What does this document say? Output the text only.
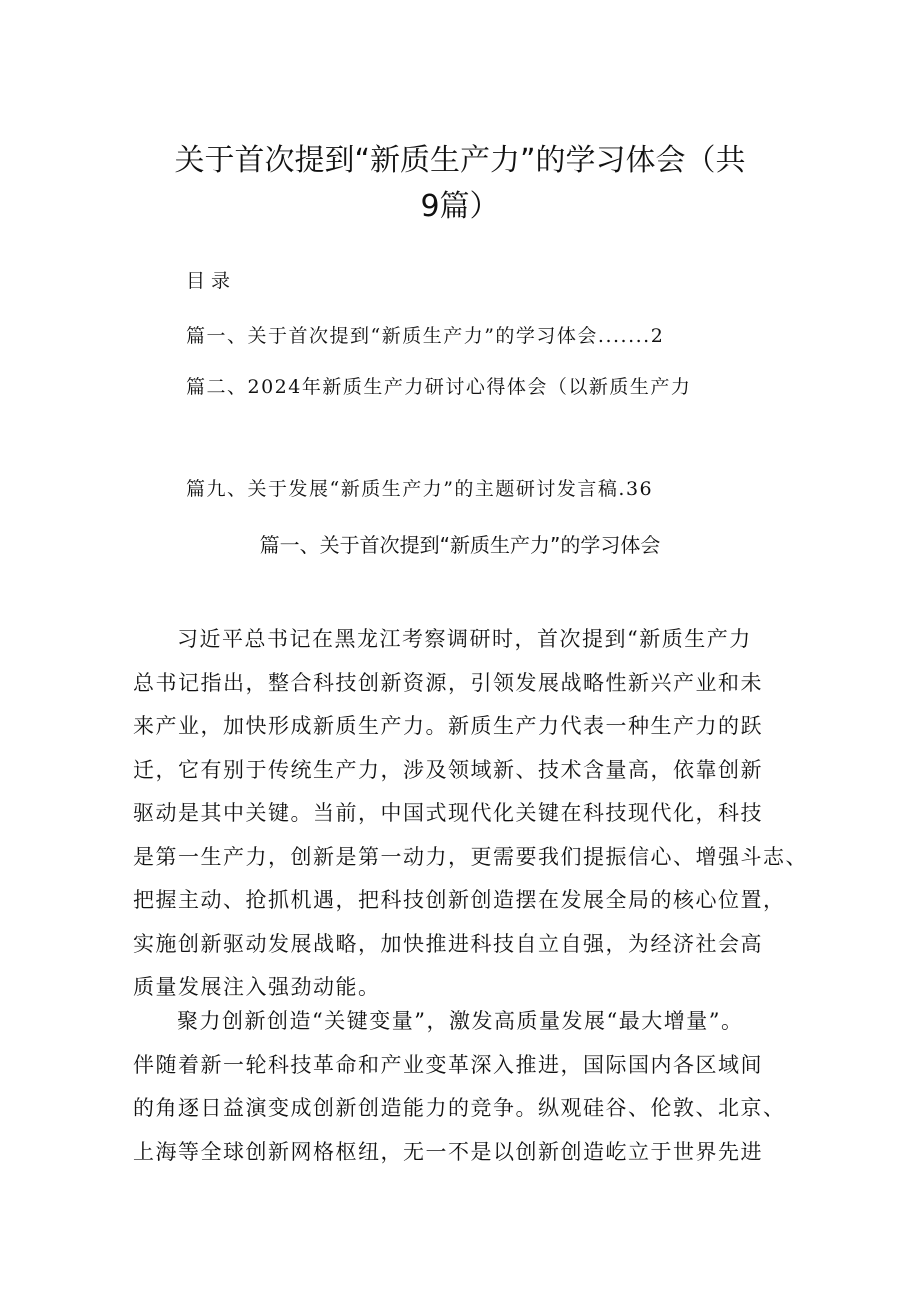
关于首次提到“新质生产力”的学习体会（共
9篇）
目录
篇一、关于首次提到“新质生产力”的学习体会.......2
篇二、2024年新质生产力研讨心得体会（以新质生产力
篇九、关于发展“新质生产力”的主题研讨发言稿.36
篇一、关于首次提到“新质生产力”的学习体会
习近平总书记在黑龙江考察调研时，首次提到“新质生产力
总书记指出，整合科技创新资源，引领发展战略性新兴产业和未
来产业，加快形成新质生产力。新质生产力代表一种生产力的跃
迁，它有别于传统生产力，涉及领域新、技术含量高，依靠创新
驱动是其中关键。当前，中国式现代化关键在科技现代化，科技
是第一生产力，创新是第一动力，更需要我们提振信心、增强斗志、
把握主动、抢抓机遇，把科技创新创造摆在发展全局的核心位置，
实施创新驱动发展战略，加快推进科技自立自强，为经济社会高
质量发展注入强劲动能。
聚力创新创造“关键变量”，激发高质量发展“最大增量”。
伴随着新一轮科技革命和产业变革深入推进，国际国内各区域间
的角逐日益演变成创新创造能力的竞争。纵观硅谷、伦敦、北京、
上海等全球创新网格枢纽，无一不是以创新创造屹立于世界先进
